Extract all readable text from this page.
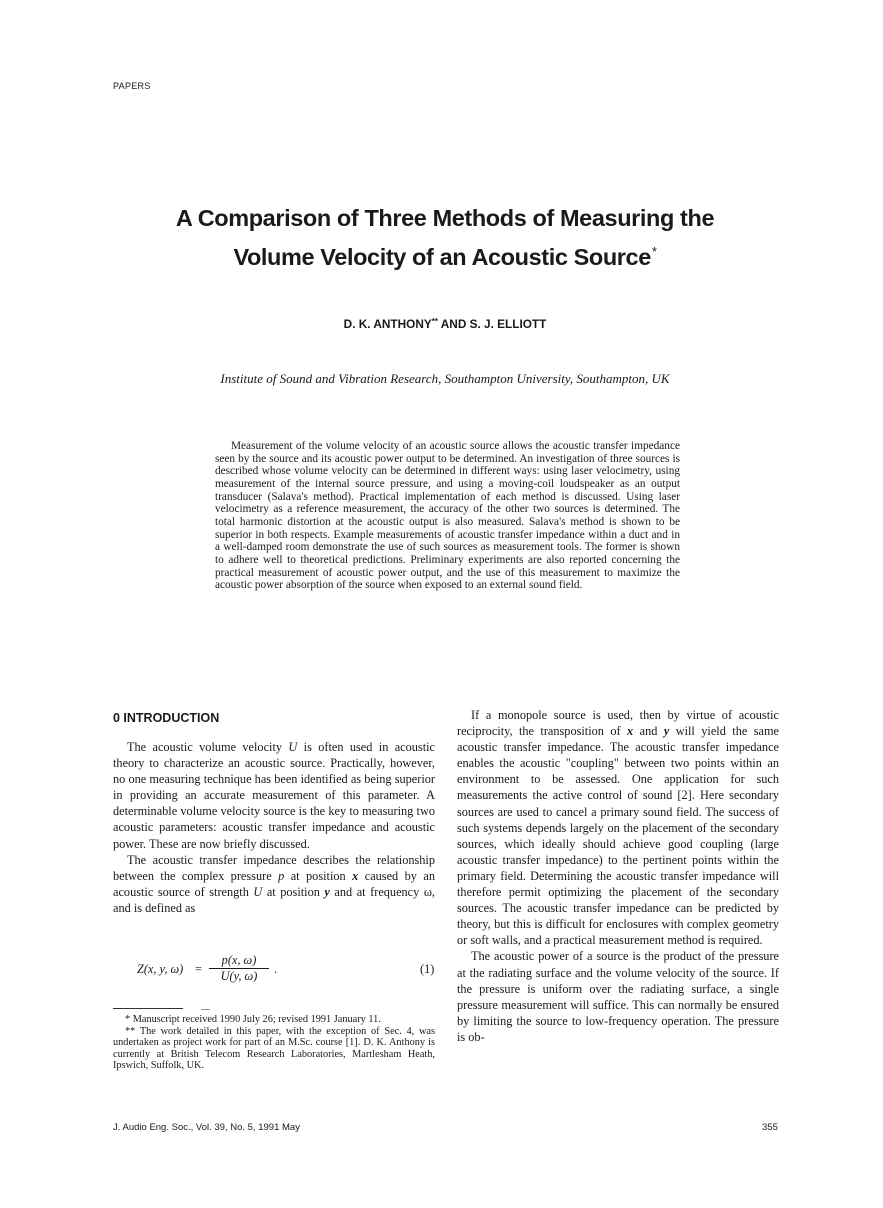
PAPERS
A Comparison of Three Methods of Measuring the
Volume Velocity of an Acoustic Source*
D. K. ANTHONY** AND S. J. ELLIOTT
Institute of Sound and Vibration Research, Southampton University, Southampton, UK

Measurement of the volume velocity of an acoustic source allows the acoustic transfer impedance seen by the source and its acoustic power output to be determined. An investigation of three sources is described whose volume velocity can be determined in different ways: using laser velocimetry, using measurement of the internal source pressure, and using a moving-coil loudspeaker as an output transducer (Salava's method). Practical implementation of each method is discussed. Using laser velocimetry as a reference measurement, the accuracy of the other two sources is determined. The total harmonic distortion at the acoustic output is also measured. Salava's method is shown to be superior in both respects. Example measurements of acoustic transfer impedance within a duct and in a well-damped room demonstrate the use of such sources as measurement tools. The former is shown to adhere well to theoretical predictions. Preliminary experiments are also reported concerning the practical measurement of acoustic power output, and the use of this measurement to maximize the acoustic power absorption of the source when exposed to an external sound field.

0 INTRODUCTION

The acoustic volume velocity U is often used in acoustic theory to characterize an acoustic source. Practically, however, no one measuring technique has been identified as being superior in providing an accurate measurement of this parameter. A determinable volume velocity source is the key to measuring two acoustic parameters: acoustic transfer impedance and acoustic power. These are now briefly discussed.

The acoustic transfer impedance describes the relationship between the complex pressure p at position x caused by an acoustic source of strength U at position y and at frequency ω, and is defined as

Z(x, y, $\omega) = \frac{p(x, \omega)}{U(y, \omega)}$ .	(1)
—

* Manuscript received 1990 July 26; revised 1991 January 11.

** The work detailed in this paper, with the exception of Sec. 4, was undertaken as project work for part of an M.Sc. course [1]. D. K. Anthony is currently at British Telecom Research Laboratories, Martlesham Heath, Ipswich, Suffolk, UK.

If a monopole source is used, then by virtue of acoustic reciprocity, the transposition of x and y will yield the same acoustic transfer impedance. The acoustic transfer impedance enables the acoustic "coupling" between two points within an environment to be assessed. One application for such measurements the active control of sound [2]. Here secondary sources are used to cancel a primary sound field. The success of such systems depends largely on the placement of the secondary sources, which ideally should achieve good coupling (large acoustic transfer impedance) to the pertinent points within the primary field. Determining the acoustic transfer impedance will therefore permit optimizing the placement of the secondary sources. The acoustic transfer impedance can be predicted by theory, but this is difficult for enclosures with complex geometry or soft walls, and a practical measurement method is required.

The acoustic power of a source is the product of the pressure at the radiating surface and the volume velocity of the source. If the pressure is uniform over the radiating surface, a single pressure measurement will suffice. This can normally be ensured by limiting the source to low-frequency operation. The pressure is ob-

J. Audio Eng. Soc., Vol. 39, No. 5, 1991 May	355
